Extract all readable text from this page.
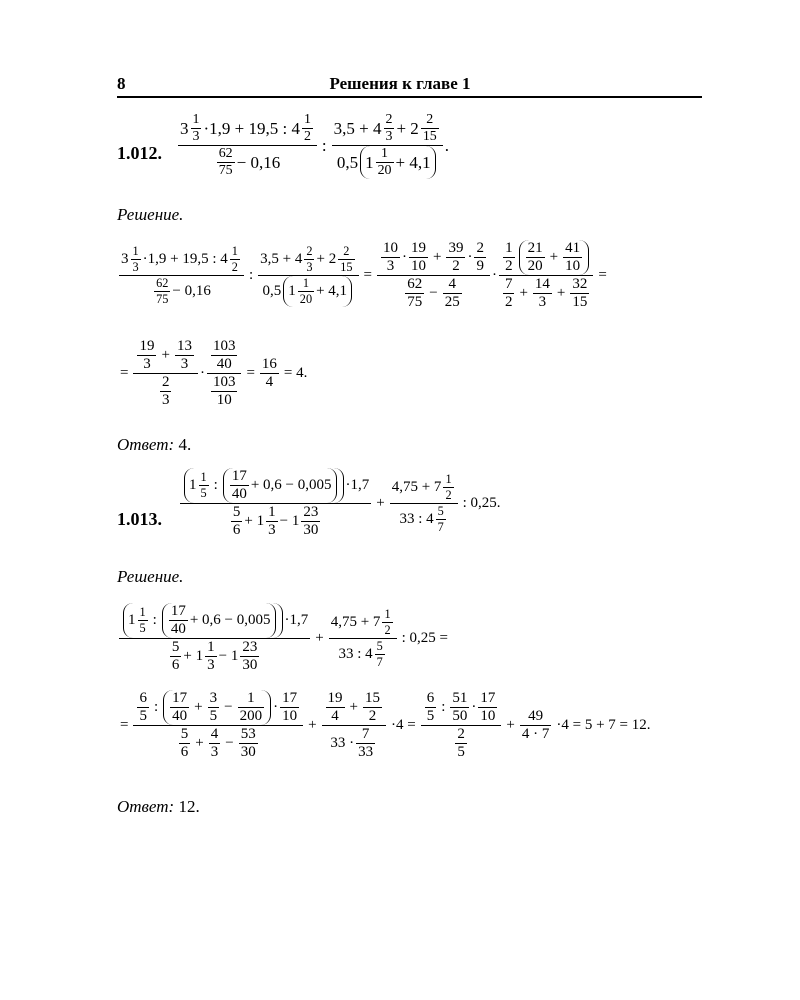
8	Решения к главе 1
1.012.
3 1
3 ·1,9 + 19,5 : 4 1
2
62
75 − 0,16
:
3,5 + 4 2
3 + 2 2
15
0,5 1 1
20 + 4,1
.
Решение.
3 1
3 ·1,9 + 19,5 : 4 1
2
62
75 − 0,16
:
3,5 + 4 2
3 + 2 2
15
0,5 1 1
20 + 4,1
=
10
3
·
19
10
+
39
2
·
2
9
62
75
−
4
25
·
1
2
21
20
+
41
10
7
2
+
14
3
+
32
15
=
=
19
3
+
13
3
2
3
·
103
40
103
10
=
16
4
= 4.
Ответ: 4.
1.013.
1 1
5 :
17
40
+ 0,6 − 0,005 ·1,7
5
6
+ 1
1
3
− 1
23
30
+
4,75 + 7 1
2
33 : 4 5
7
: 0,25.
Решение.
1 1
5 :
17
40
+ 0,6 − 0,005 ·1,7
5
6
+ 1
1
3
− 1
23
30
+
4,75 + 7 1
2
33 : 4 5
7
: 0,25 =
=
6
5
:
17
40
+
3
5
−
1
200
·
17
10
5
6
+
4
3
−
53
30
+
19
4
+
15
2
33 ·
7
33
·4 =
6
5
:
51
50
·
17
10
2
5
+
49
4 · 7
·4 = 5 + 7 = 12.
Ответ: 12.
